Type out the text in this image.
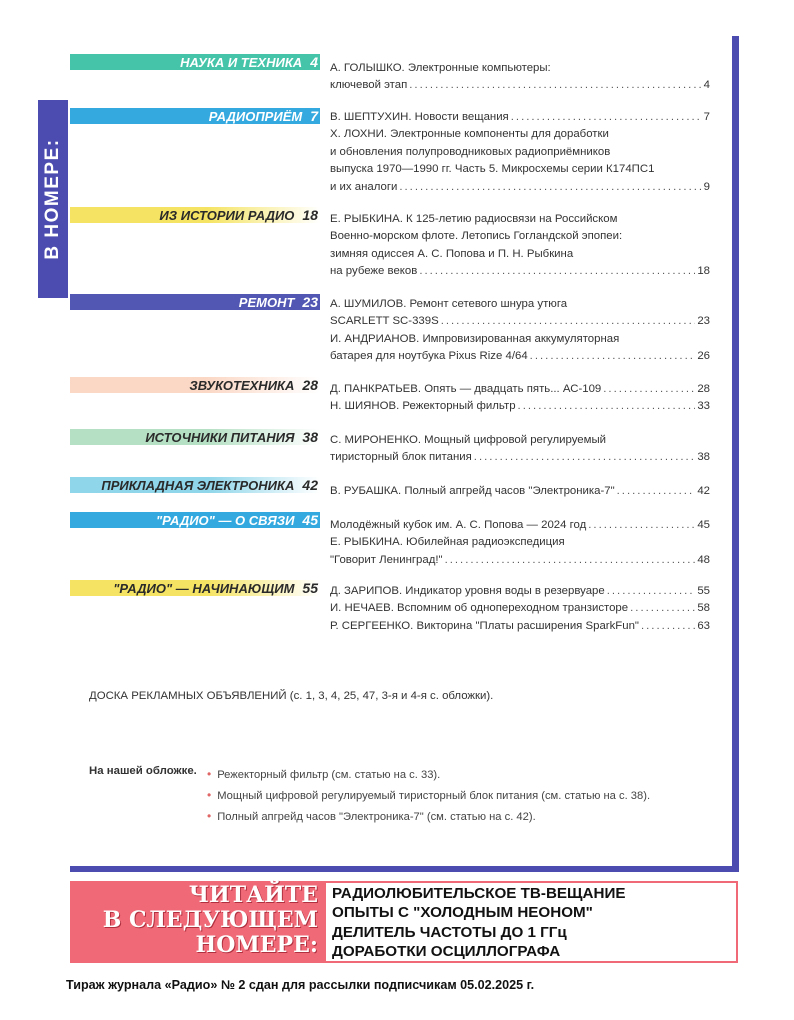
В НОМЕРЕ:
НАУКА И ТЕХНИКА 4 А. ГОЛЫШКО. Электронные компьютеры:
ключевой этап .....	4
РАДИОПРИЁМ 7 В. ШЕПТУХИН. Новости вещания .....	7
Х. ЛОХНИ. Электронные компоненты для доработки
и обновления полупроводниковых радиоприёмников
выпуска 1970—1990 гг. Часть 5. Микросхемы серии К174ПС1
и их аналоги .....	9
ИЗ ИСТОРИИ РАДИО 18 Е. РЫБКИНА. К 125-летию радиосвязи на Российском
Военно-морском флоте. Летопись Гогландской эпопеи:
зимняя одиссея А. С. Попова и П. Н. Рыбкина
на рубеже веков .....	18
РЕМОНТ 23 А. ШУМИЛОВ. Ремонт сетевого шнура утюга
SCARLETT SC-339S .....	23
И. АНДРИАНОВ. Импровизированная аккумуляторная
батарея для ноутбука Pixus Rize 4/64 .....	26
ЗВУКОТЕХНИКА 28 Д. ПАНКРАТЬЕВ. Опять — двадцать пять... АС-109 .....	28
Н. ШИЯНОВ. Режекторный фильтр .....	33
ИСТОЧНИКИ ПИТАНИЯ 38 С. МИРОНЕНКО. Мощный цифровой регулируемый
тиристорный блок питания .....	38
ПРИКЛАДНАЯ ЭЛЕКТРОНИКА 42 В. РУБАШКА. Полный апгрейд часов "Электроника-7" .....	42
"РАДИО" — О СВЯЗИ 45 Молодёжный кубок им. А. С. Попова — 2024 год .....	45
Е. РЫБКИНА. Юбилейная радиоэкспедиция
"Говорит Ленинград!" .....	48
"РАДИО" — НАЧИНАЮЩИМ 55 Д. ЗАРИПОВ. Индикатор уровня воды в резервуаре .....	55
И. НЕЧАЕВ. Вспомним об однопереходном транзисторе .....	58
Р. СЕРГЕЕНКО. Викторина "Платы расширения SparkFun" .....	63
ДОСКА РЕКЛАМНЫХ ОБЪЯВЛЕНИЙ (с. 1, 3, 4, 25, 47, 3-я и 4-я с. обложки).
На нашей обложке. • Режекторный фильтр (см. статью на с. 33).
• Мощный цифровой регулируемый тиристорный блок питания (см. статью на с. 38).
• Полный апгрейд часов "Электроника-7" (см. статью на с. 42).
ЧИТАЙТЕ
В СЛЕДУЮЩЕМ
НОМЕРЕ:
РАДИОЛЮБИТЕЛЬСКОЕ ТВ-ВЕЩАНИЕ
ОПЫТЫ С "ХОЛОДНЫМ НЕОНОМ"
ДЕЛИТЕЛЬ ЧАСТОТЫ ДО 1 ГГц
ДОРАБОТКИ ОСЦИЛЛОГРАФА
Тираж журнала «Радио» № 2 сдан для рассылки подписчикам 05.02.2025 г.
